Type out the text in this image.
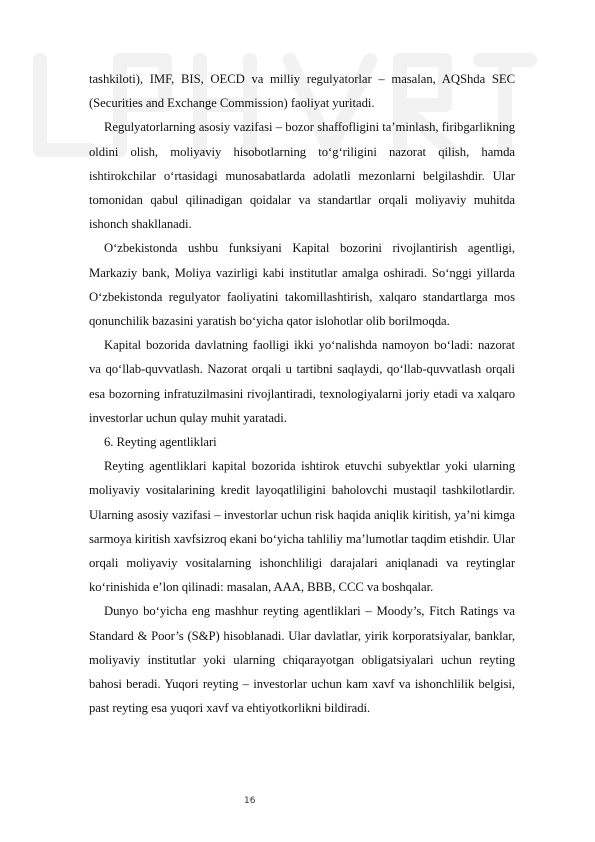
tashkiloti), IMF, BIS, OECD va milliy regulyatorlar – masalan, AQShda SEC (Securities and Exchange Commission) faoliyat yuritadi.

Regulyatorlarning asosiy vazifasi – bozor shaffofligini ta’minlash, firibgarlikning oldini olish, moliyaviy hisobotlarning to‘g‘riligini nazorat qilish, hamda ishtirokchilar o‘rtasidagi munosabatlarda adolatli mezonlarni belgilashdir. Ular tomonidan qabul qilinadigan qoidalar va standartlar orqali moliyaviy muhitda ishonch shakllanadi.

O‘zbekistonda ushbu funksiyani Kapital bozorini rivojlantirish agentligi, Markaziy bank, Moliya vazirligi kabi institutlar amalga oshiradi. So‘nggi yillarda O‘zbekistonda regulyator faoliyatini takomillashtirish, xalqaro standartlarga mos qonunchilik bazasini yaratish bo‘yicha qator islohotlar olib borilmoqda.

Kapital bozorida davlatning faolligi ikki yo‘nalishda namoyon bo‘ladi: nazorat va qo‘llab-quvvatlash. Nazorat orqali u tartibni saqlaydi, qo‘llab-quvvatlash orqali esa bozorning infratuzilmasini rivojlantiradi, texnologiyalarni joriy etadi va xalqaro investorlar uchun qulay muhit yaratadi.

6. Reyting agentliklari

Reyting agentliklari kapital bozorida ishtirok etuvchi subyektlar yoki ularning moliyaviy vositalarining kredit layoqatliligini baholovchi mustaqil tashkilotlardir. Ularning asosiy vazifasi – investorlar uchun risk haqida aniqlik kiritish, ya’ni kimga sarmoya kiritish xavfsizroq ekani bo‘yicha tahliliy ma’lumotlar taqdim etishdir. Ular orqali moliyaviy vositalarning ishonchliligi darajalari aniqlanadi va reytinglar ko‘rinishida e’lon qilinadi: masalan, AAA, BBB, CCC va boshqalar.

Dunyo bo‘yicha eng mashhur reyting agentliklari – Moody’s, Fitch Ratings va Standard & Poor’s (S&P) hisoblanadi. Ular davlatlar, yirik korporatsiyalar, banklar, moliyaviy institutlar yoki ularning chiqarayotgan obligatsiyalari uchun reyting bahosi beradi. Yuqori reyting – investorlar uchun kam xavf va ishonchlilik belgisi, past reyting esa yuqori xavf va ehtiyotkorlikni bildiradi.

16
